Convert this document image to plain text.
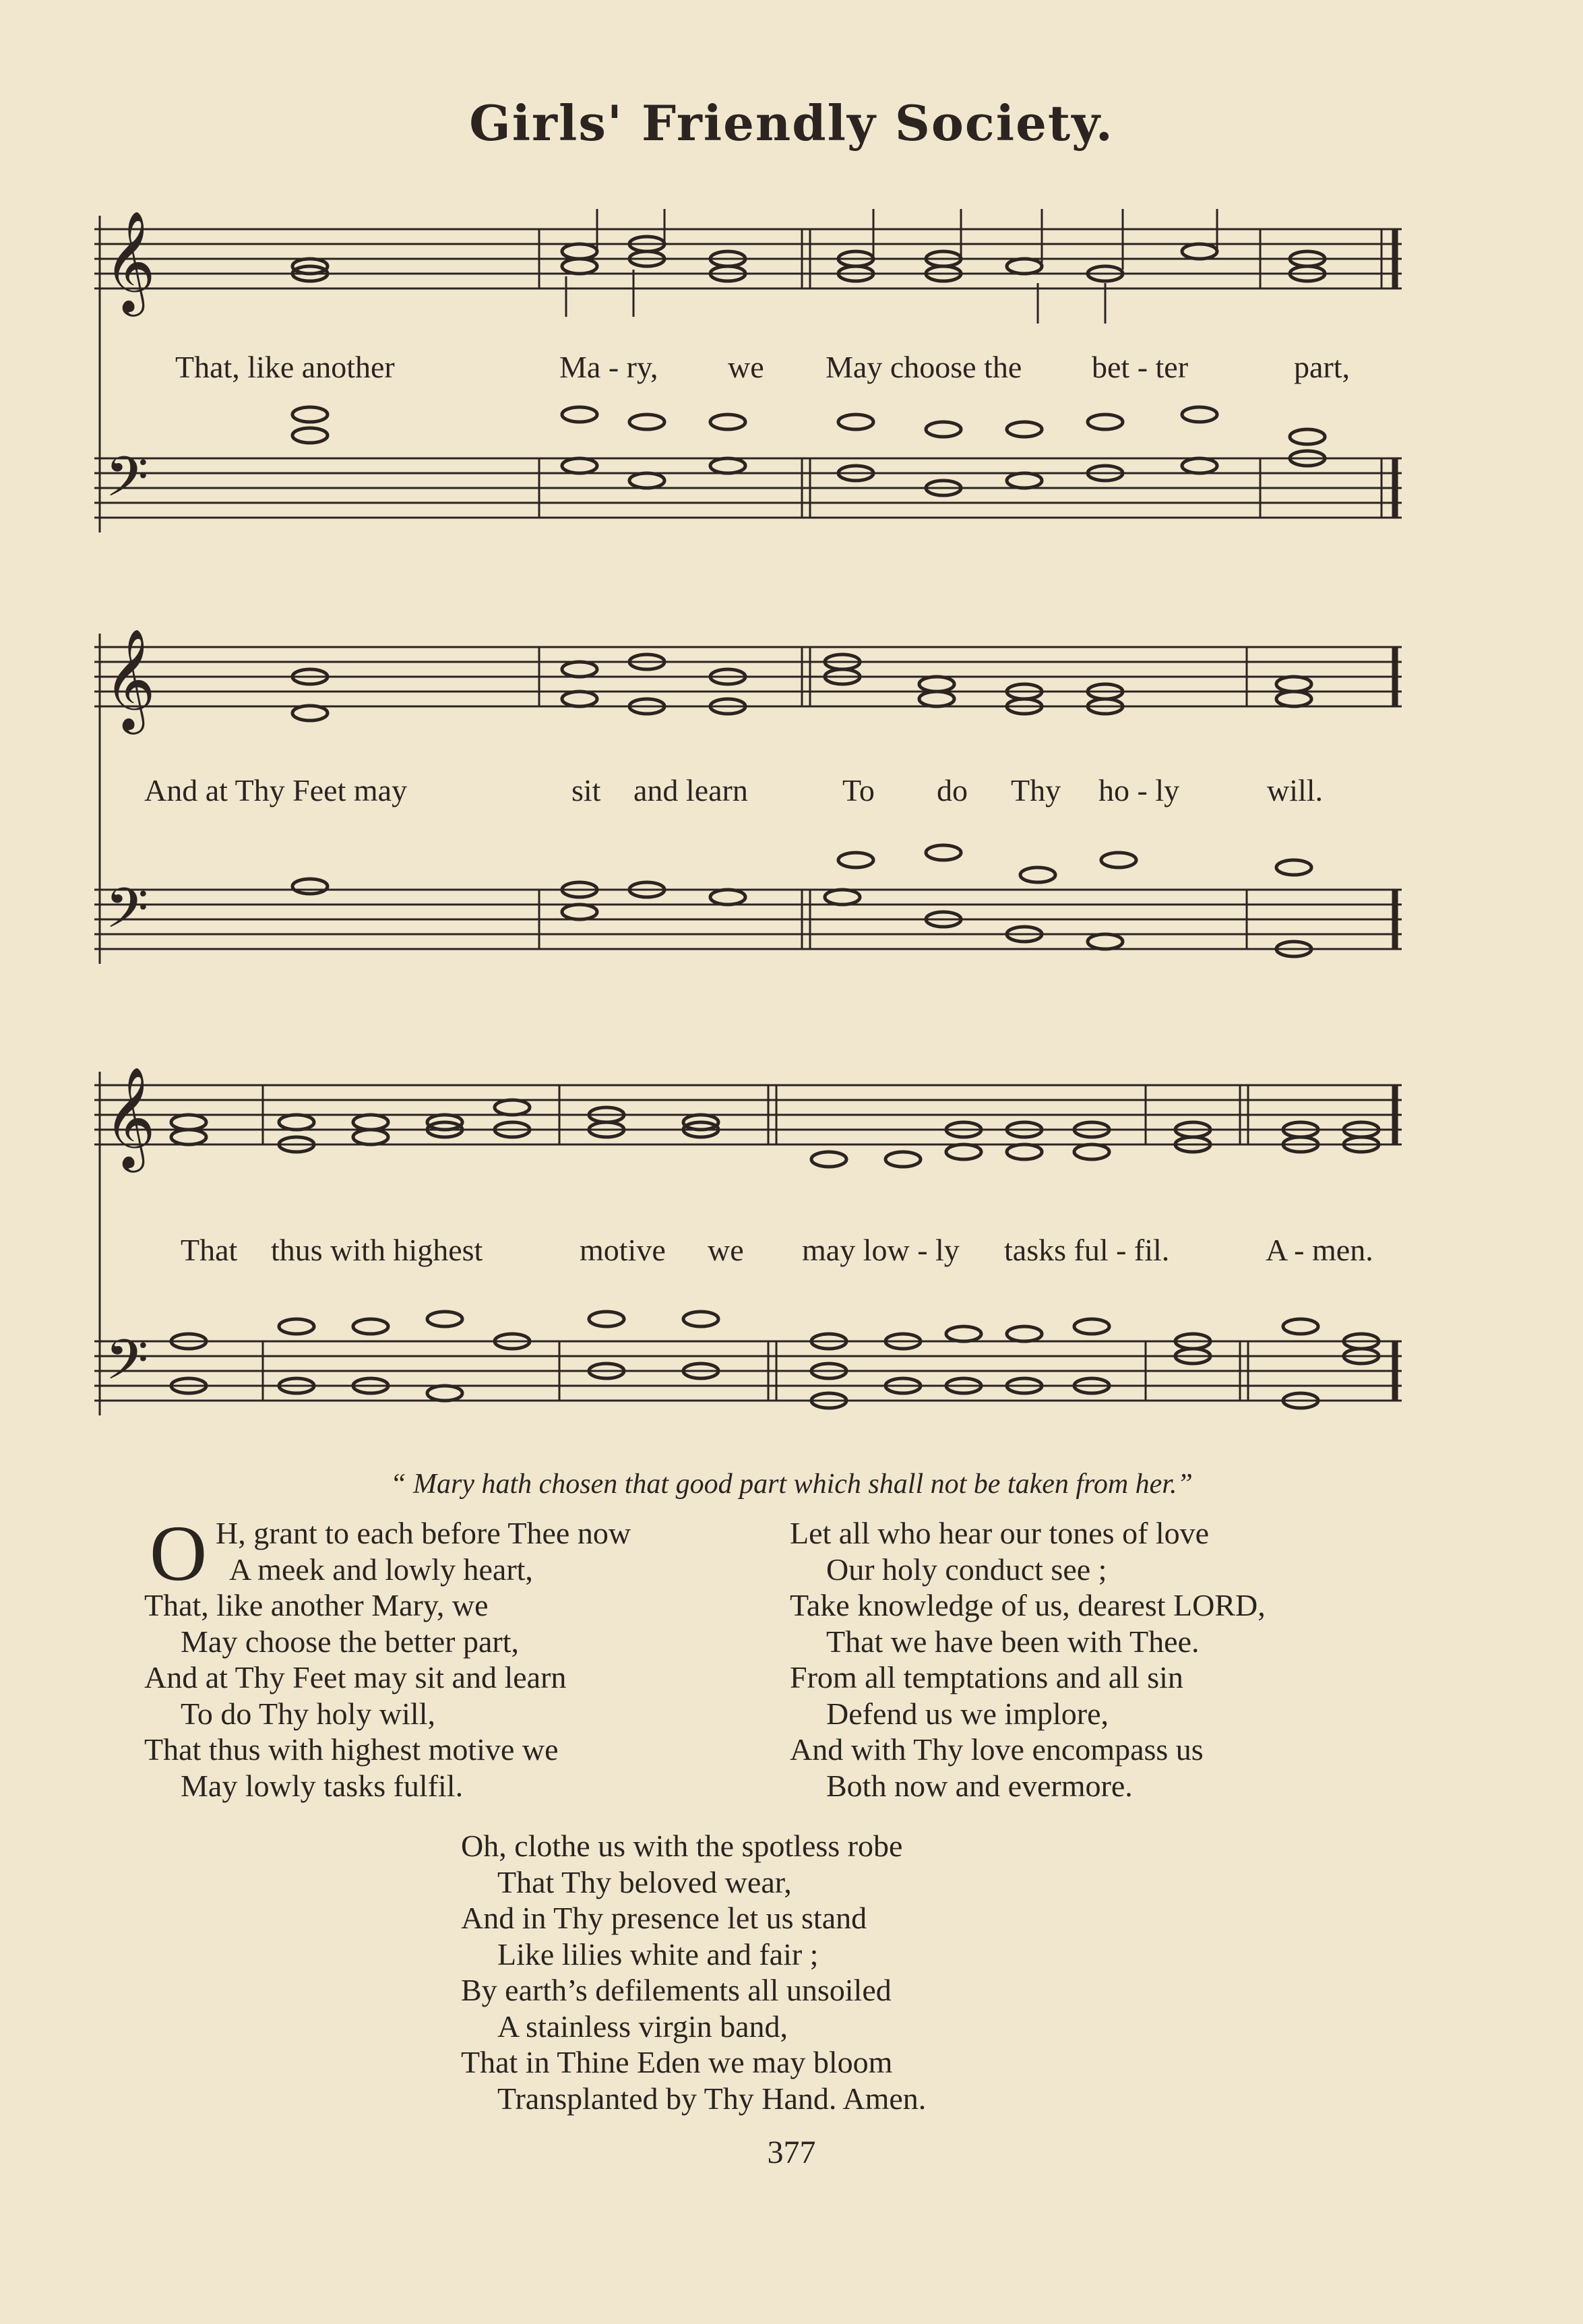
Girls' Friendly Society.
𝄞
𝄢
That, like another	Ma - ry, we May choose the bet - ter	part,
𝄞
𝄢
And at Thy Feet may	sit and learn	To do Thy ho - ly	will.
𝄞
𝄢
That thus with highest	motive we may low - ly tasks ful - fil.	A - men.
“ Mary hath chosen that good part which shall not be taken from her.”
O H, grant to each before Thee now
A meek and lowly heart,
That, like another Mary, we
May choose the better part,
And at Thy Feet may sit and learn
To do Thy holy will,
That thus with highest motive we
May lowly tasks fulfil.
Let all who hear our tones of love
Our holy conduct see ;
Take knowledge of us, dearest LORD,
That we have been with Thee.
From all temptations and all sin
Defend us we implore,
And with Thy love encompass us
Both now and evermore.
Oh, clothe us with the spotless robe
That Thy beloved wear,
And in Thy presence let us stand
Like lilies white and fair ;
By earth’s defilements all unsoiled
A stainless virgin band,
That in Thine Eden we may bloom
Transplanted by Thy Hand. Amen.
377
